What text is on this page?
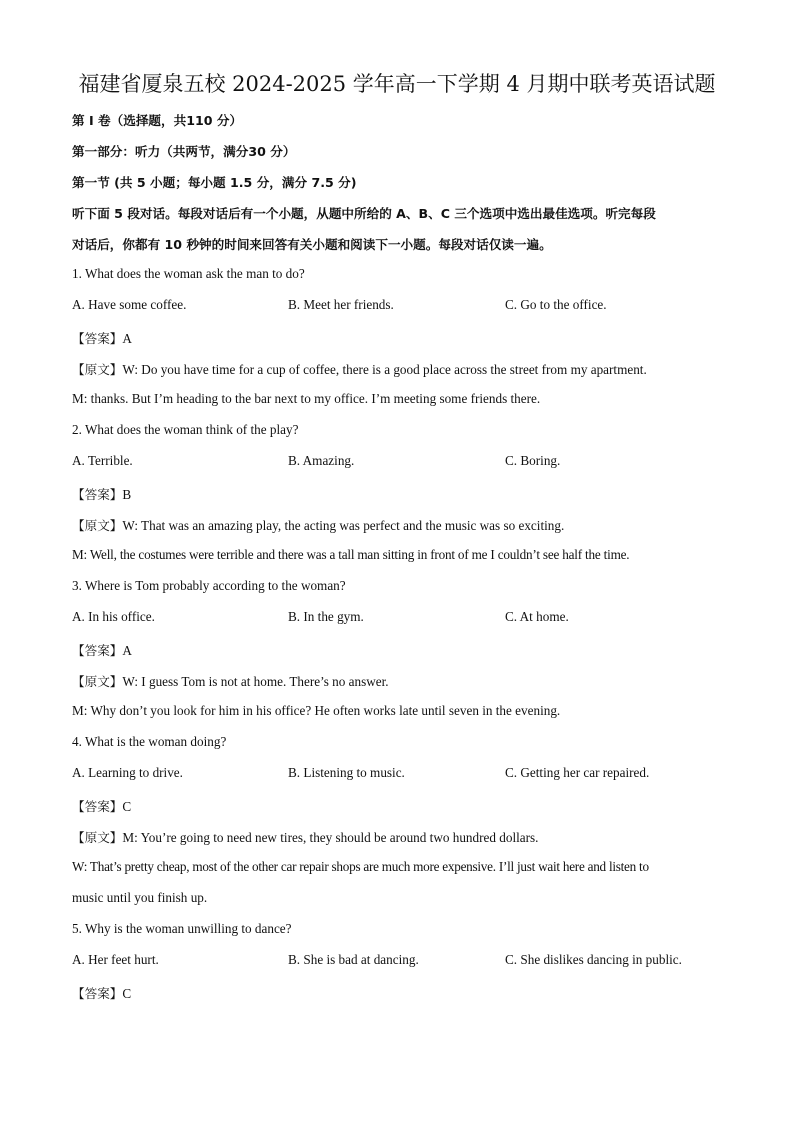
福建省厦泉五校 2024-2025 学年高一下学期 4 月期中联考英语试题
第 I 卷（选择题，共110 分）
第一部分：听力（共两节，满分30 分）
第一节 (共 5 小题；每小题 1.5 分，满分 7.5 分)
听下面 5 段对话。每段对话后有一个小题，从题中所给的 A、B、C 三个选项中选出最佳选项。听完每段
对话后，你都有 10 秒钟的时间来回答有关小题和阅读下一小题。每段对话仅读一遍。
1. What does the woman ask the man to do?
A. Have some coffee.	B. Meet her friends.	C. Go to the office.
【答案】A
【原文】W: Do you have time for a cup of coffee, there is a good place across the street from my apartment.
M: thanks. But I’m heading to the bar next to my office. I’m meeting some friends there.
2. What does the woman think of the play?
A. Terrible.	B. Amazing.	C. Boring.
【答案】B
【原文】W: That was an amazing play, the acting was perfect and the music was so exciting.
M: Well, the costumes were terrible and there was a tall man sitting in front of me I couldn’t see half the time.
3. Where is Tom probably according to the woman?
A. In his office.	B. In the gym.	C. At home.
【答案】A
【原文】W: I guess Tom is not at home. There’s no answer.
M: Why don’t you look for him in his office? He often works late until seven in the evening.
4. What is the woman doing?
A. Learning to drive.	B. Listening to music.	C. Getting her car repaired.
【答案】C
【原文】M: You’re going to need new tires, they should be around two hundred dollars.
W: That’s pretty cheap, most of the other car repair shops are much more expensive. I’ll just wait here and listen to
music until you finish up.
5. Why is the woman unwilling to dance?
A. Her feet hurt.	B. She is bad at dancing.	C. She dislikes dancing in public.
【答案】C
